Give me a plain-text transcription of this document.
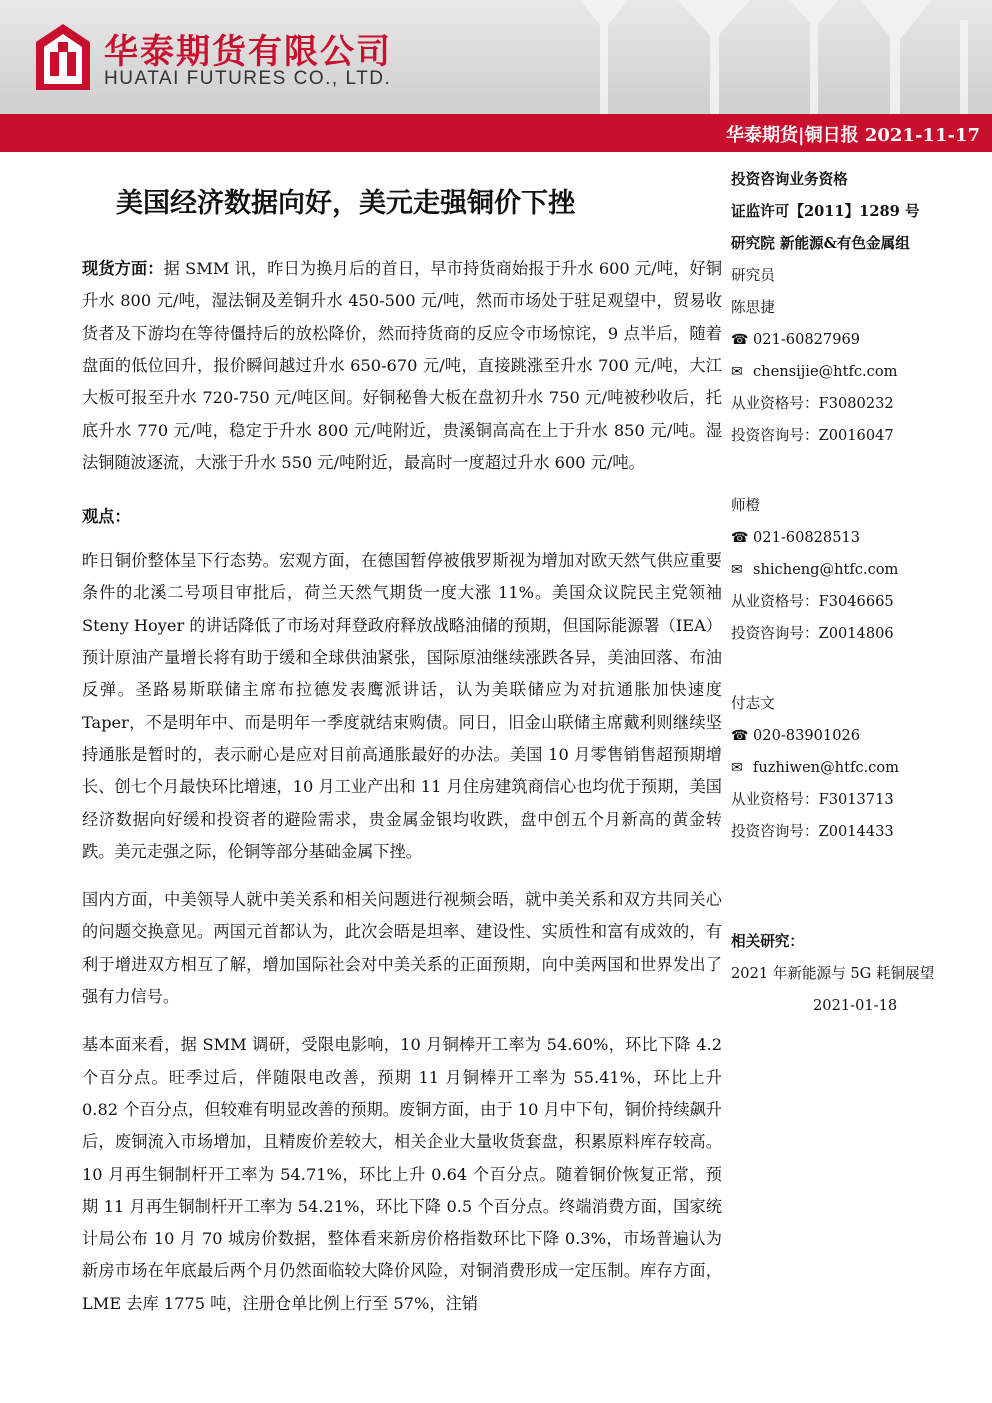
华泰期货有限公司
HUATAI FUTURES CO., LTD.
华泰期货|铜日报 2021-11-17
美国经济数据向好，美元走强铜价下挫

现货方面：据 SMM 讯，昨日为换月后的首日，早市持货商始报于升水 600 元/吨，好铜升水 800 元/吨，湿法铜及差铜升水 450-500 元/吨，然而市场处于驻足观望中，贸易收货者及下游均在等待僵持后的放松降价，然而持货商的反应令市场惊诧，9 点半后，随着盘面的低位回升，报价瞬间越过升水 650-670 元/吨，直接跳涨至升水 700 元/吨，大江大板可报至升水 720-750 元/吨区间。好铜秘鲁大板在盘初升水 750 元/吨被秒收后，托底升水 770 元/吨，稳定于升水 800 元/吨附近，贵溪铜高高在上于升水 850 元/吨。湿法铜随波逐流，大涨于升水 550 元/吨附近，最高时一度超过升水 600 元/吨。

观点：

昨日铜价整体呈下行态势。宏观方面，在德国暂停被俄罗斯视为增加对欧天然气供应重要条件的北溪二号项目审批后，荷兰天然气期货一度大涨 11%。美国众议院民主党领袖 Steny Hoyer 的讲话降低了市场对拜登政府释放战略油储的预期，但国际能源署（IEA）预计原油产量增长将有助于缓和全球供油紧张，国际原油继续涨跌各异，美油回落、布油反弹。圣路易斯联储主席布拉德发表鹰派讲话，认为美联储应为对抗通胀加快速度 Taper，不是明年中、而是明年一季度就结束购债。同日，旧金山联储主席戴利则继续坚持通胀是暂时的，表示耐心是应对目前高通胀最好的办法。美国 10 月零售销售超预期增长、创七个月最快环比增速，10 月工业产出和 11 月住房建筑商信心也均优于预期，美国经济数据向好缓和投资者的避险需求，贵金属金银均收跌，盘中创五个月新高的黄金转跌。美元走强之际，伦铜等部分基础金属下挫。

国内方面，中美领导人就中美关系和相关问题进行视频会晤，就中美关系和双方共同关心的问题交换意见。两国元首都认为，此次会晤是坦率、建设性、实质性和富有成效的，有利于增进双方相互了解，增加国际社会对中美关系的正面预期，向中美两国和世界发出了强有力信号。

基本面来看，据 SMM 调研，受限电影响，10 月铜棒开工率为 54.60%，环比下降 4.2 个百分点。旺季过后，伴随限电改善，预期 11 月铜棒开工率为 55.41%，环比上升 0.82 个百分点，但较难有明显改善的预期。废铜方面，由于 10 月中下旬，铜价持续飙升后，废铜流入市场增加，且精废价差较大，相关企业大量收货套盘，积累原料库存较高。10 月再生铜制杆开工率为 54.71%，环比上升 0.64 个百分点。随着铜价恢复正常，预期 11 月再生铜制杆开工率为 54.21%，环比下降 0.5 个百分点。终端消费方面，国家统计局公布 10 月 70 城房价数据，整体看来新房价格指数环比下降 0.3%，市场普遍认为新房市场在年底最后两个月仍然面临较大降价风险，对铜消费形成一定压制。库存方面，LME 去库 1775 吨，注册仓单比例上行至 57%，注销

投资咨询业务资格
证监许可【2011】1289 号
研究院 新能源&有色金属组
研究员
陈思捷
☎ 021-60827969
✉ chensijie@htfc.com
从业资格号：F3080232
投资咨询号：Z0016047
师橙
☎ 021-60828513
✉ shicheng@htfc.com
从业资格号：F3046665
投资咨询号：Z0014806
付志文
☎ 020-83901026
✉ fuzhiwen@htfc.com
从业资格号：F3013713
投资咨询号：Z0014433
相关研究：
2021 年新能源与 5G 耗铜展望
2021-01-18
